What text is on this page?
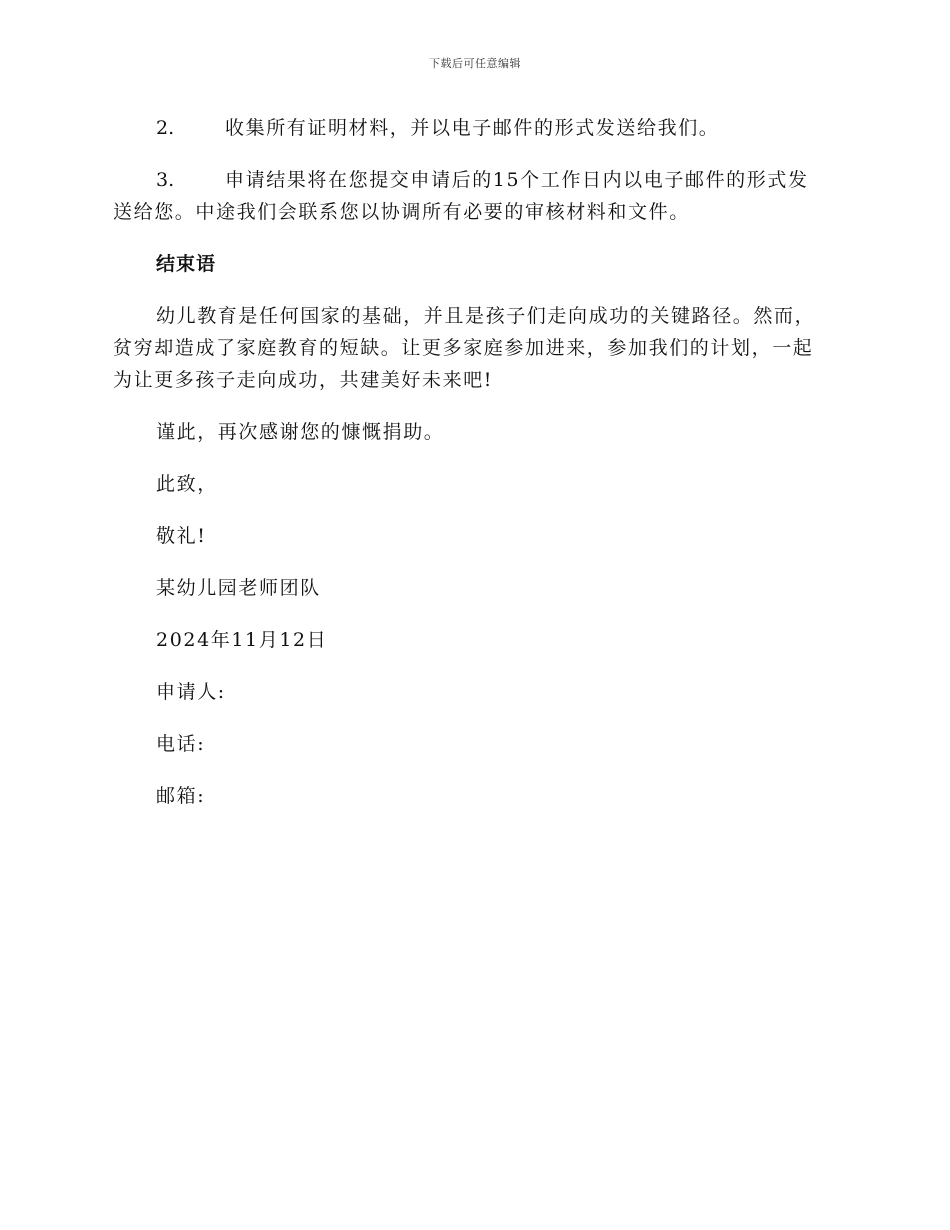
下载后可任意编辑

2.	收集所有证明材料，并以电子邮件的形式发送给我们。

3.	申请结果将在您提交申请后的15个工作日内以电子邮件的形式发送给您。中途我们会联系您以协调所有必要的审核材料和文件。

结束语

幼儿教育是任何国家的基础，并且是孩子们走向成功的关键路径。然而，贫穷却造成了家庭教育的短缺。让更多家庭参加进来，参加我们的计划，一起为让更多孩子走向成功，共建美好未来吧!

谨此，再次感谢您的慷慨捐助。

此致，

敬礼!

某幼儿园老师团队

2024年11月12日

申请人:

电话:

邮箱:
